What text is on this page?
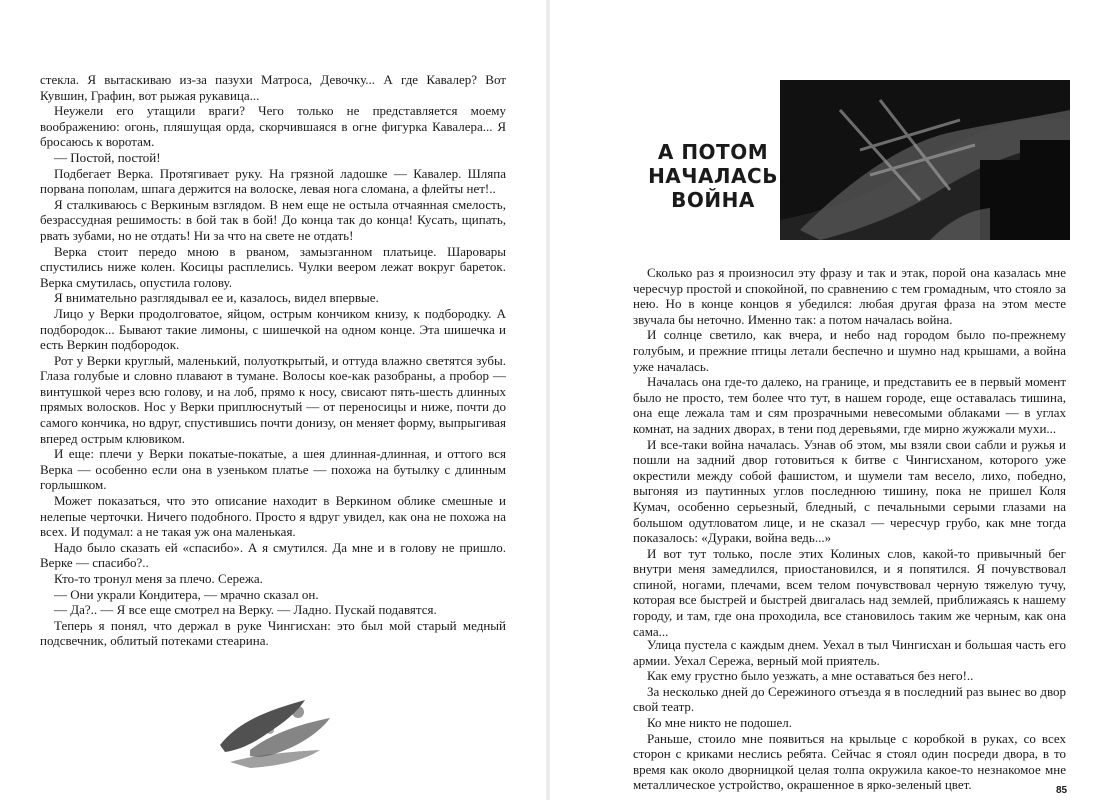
стекла. Я вытаскиваю из-за пазухи Матроса, Девочку... А где Кавалер? Вот Кувшин, Графин, вот рыжая рукавица...

Неужели его утащили враги? Чего только не представляется моему воображению: огонь, пляшущая орда, скорчившаяся в огне фигурка Кавалера... Я бросаюсь к воротам.

— Постой, постой!

Подбегает Верка. Протягивает руку. На грязной ладошке — Кавалер. Шляпа порвана пополам, шпага держится на волоске, левая нога сломана, а флейты нет!..

Я сталкиваюсь с Веркиным взглядом. В нем еще не остыла отчаянная смелость, безрассудная решимость: в бой так в бой! До конца так до конца! Кусать, щипать, рвать зубами, но не отдать! Ни за что на свете не отдать!

Верка стоит передо мною в рваном, замызганном платьице. Шаровары спустились ниже колен. Косицы расплелись. Чулки веером лежат вокруг бареток. Верка смутилась, опустила голову.

Я внимательно разглядывал ее и, казалось, видел впервые.

Лицо у Верки продолговатое, яйцом, острым кончиком книзу, к подбородку. А подбородок... Бывают такие лимоны, с шишечкой на одном конце. Эта шишечка и есть Веркин подбородок.

Рот у Верки круглый, маленький, полуоткрытый, и оттуда влажно светятся зубы. Глаза голубые и словно плавают в тумане. Волосы кое-как разобраны, а пробор — винтушкой через всю голову, и на лоб, прямо к носу, свисают пять-шесть длинных прямых волосков. Нос у Верки приплюснутый — от переносицы и ниже, почти до самого кончика, но вдруг, спустившись почти донизу, он меняет форму, выпрыгивая вперед острым клювиком.

И еще: плечи у Верки покатые-покатые, а шея длинная-длинная, и оттого вся Верка — особенно если она в узеньком платье — похожа на бутылку с длинным горлышком.

Может показаться, что это описание находит в Веркином облике смешные и нелепые черточки. Ничего подобного. Просто я вдруг увидел, как она не похожа на всех. И подумал: а не такая уж она маленькая.

Надо было сказать ей «спасибо». А я смутился. Да мне и в голову не пришло. Верке — спасибо?..

Кто-то тронул меня за плечо. Сережа.

— Они украли Кондитера, — мрачно сказал он.

— Да?.. — Я все еще смотрел на Верку. — Ладно. Пускай подавятся.

Теперь я понял, что держал в руке Чингисхан: это был мой старый медный подсвечник, облитый потеками стеарина.

А ПОТОМ
НАЧАЛАСЬ
ВОЙНА

Сколько раз я произносил эту фразу и так и этак, порой она казалась мне чересчур простой и спокойной, по сравнению с тем громадным, что стояло за нею. Но в конце концов я убедился: любая другая фраза на этом месте звучала бы неточно. Именно так: а потом началась война.

И солнце светило, как вчера, и небо над городом было по-прежнему голубым, и прежние птицы летали беспечно и шумно над крышами, а война уже началась.

Началась она где-то далеко, на границе, и представить ее в первый момент было не просто, тем более что тут, в нашем городе, еще оставалась тишина, она еще лежала там и сям прозрачными невесомыми облаками — в углах комнат, на задних дворах, в тени под деревьями, где мирно жужжали мухи...

И все-таки война началась. Узнав об этом, мы взяли свои сабли и ружья и пошли на задний двор готовиться к битве с Чингисханом, которого уже окрестили между собой фашистом, и шумели там весело, лихо, победно, выгоняя из паутинных углов последнюю тишину, пока не пришел Коля Кумач, особенно серьезный, бледный, с печальными серыми глазами на большом одутловатом лице, и не сказал — чересчур грубо, как мне тогда показалось: «Дураки, война ведь...»

И вот тут только, после этих Колиных слов, какой-то привычный бег внутри меня замедлился, приостановился, и я попятился. Я почувствовал спиной, ногами, плечами, всем телом почувствовал черную тяжелую тучу, которая все быстрей и быстрей двигалась над землей, приближаясь к нашему городу, и там, где она проходила, все становилось таким же черным, как она сама...

Улица пустела с каждым днем. Уехал в тыл Чингисхан и большая часть его армии. Уехал Сережа, верный мой приятель.

Как ему грустно было уезжать, а мне оставаться без него!..

За несколько дней до Сережиного отъезда я в последний раз вынес во двор свой театр.

Ко мне никто не подошел.

Раньше, стоило мне появиться на крыльце с коробкой в руках, со всех сторон с криками неслись ребята. Сейчас я стоял один посреди двора, в то время как около дворницкой целая толпа окружила какое-то незнакомое мне металлическое устройство, окрашенное в ярко-зеленый цвет.	85
